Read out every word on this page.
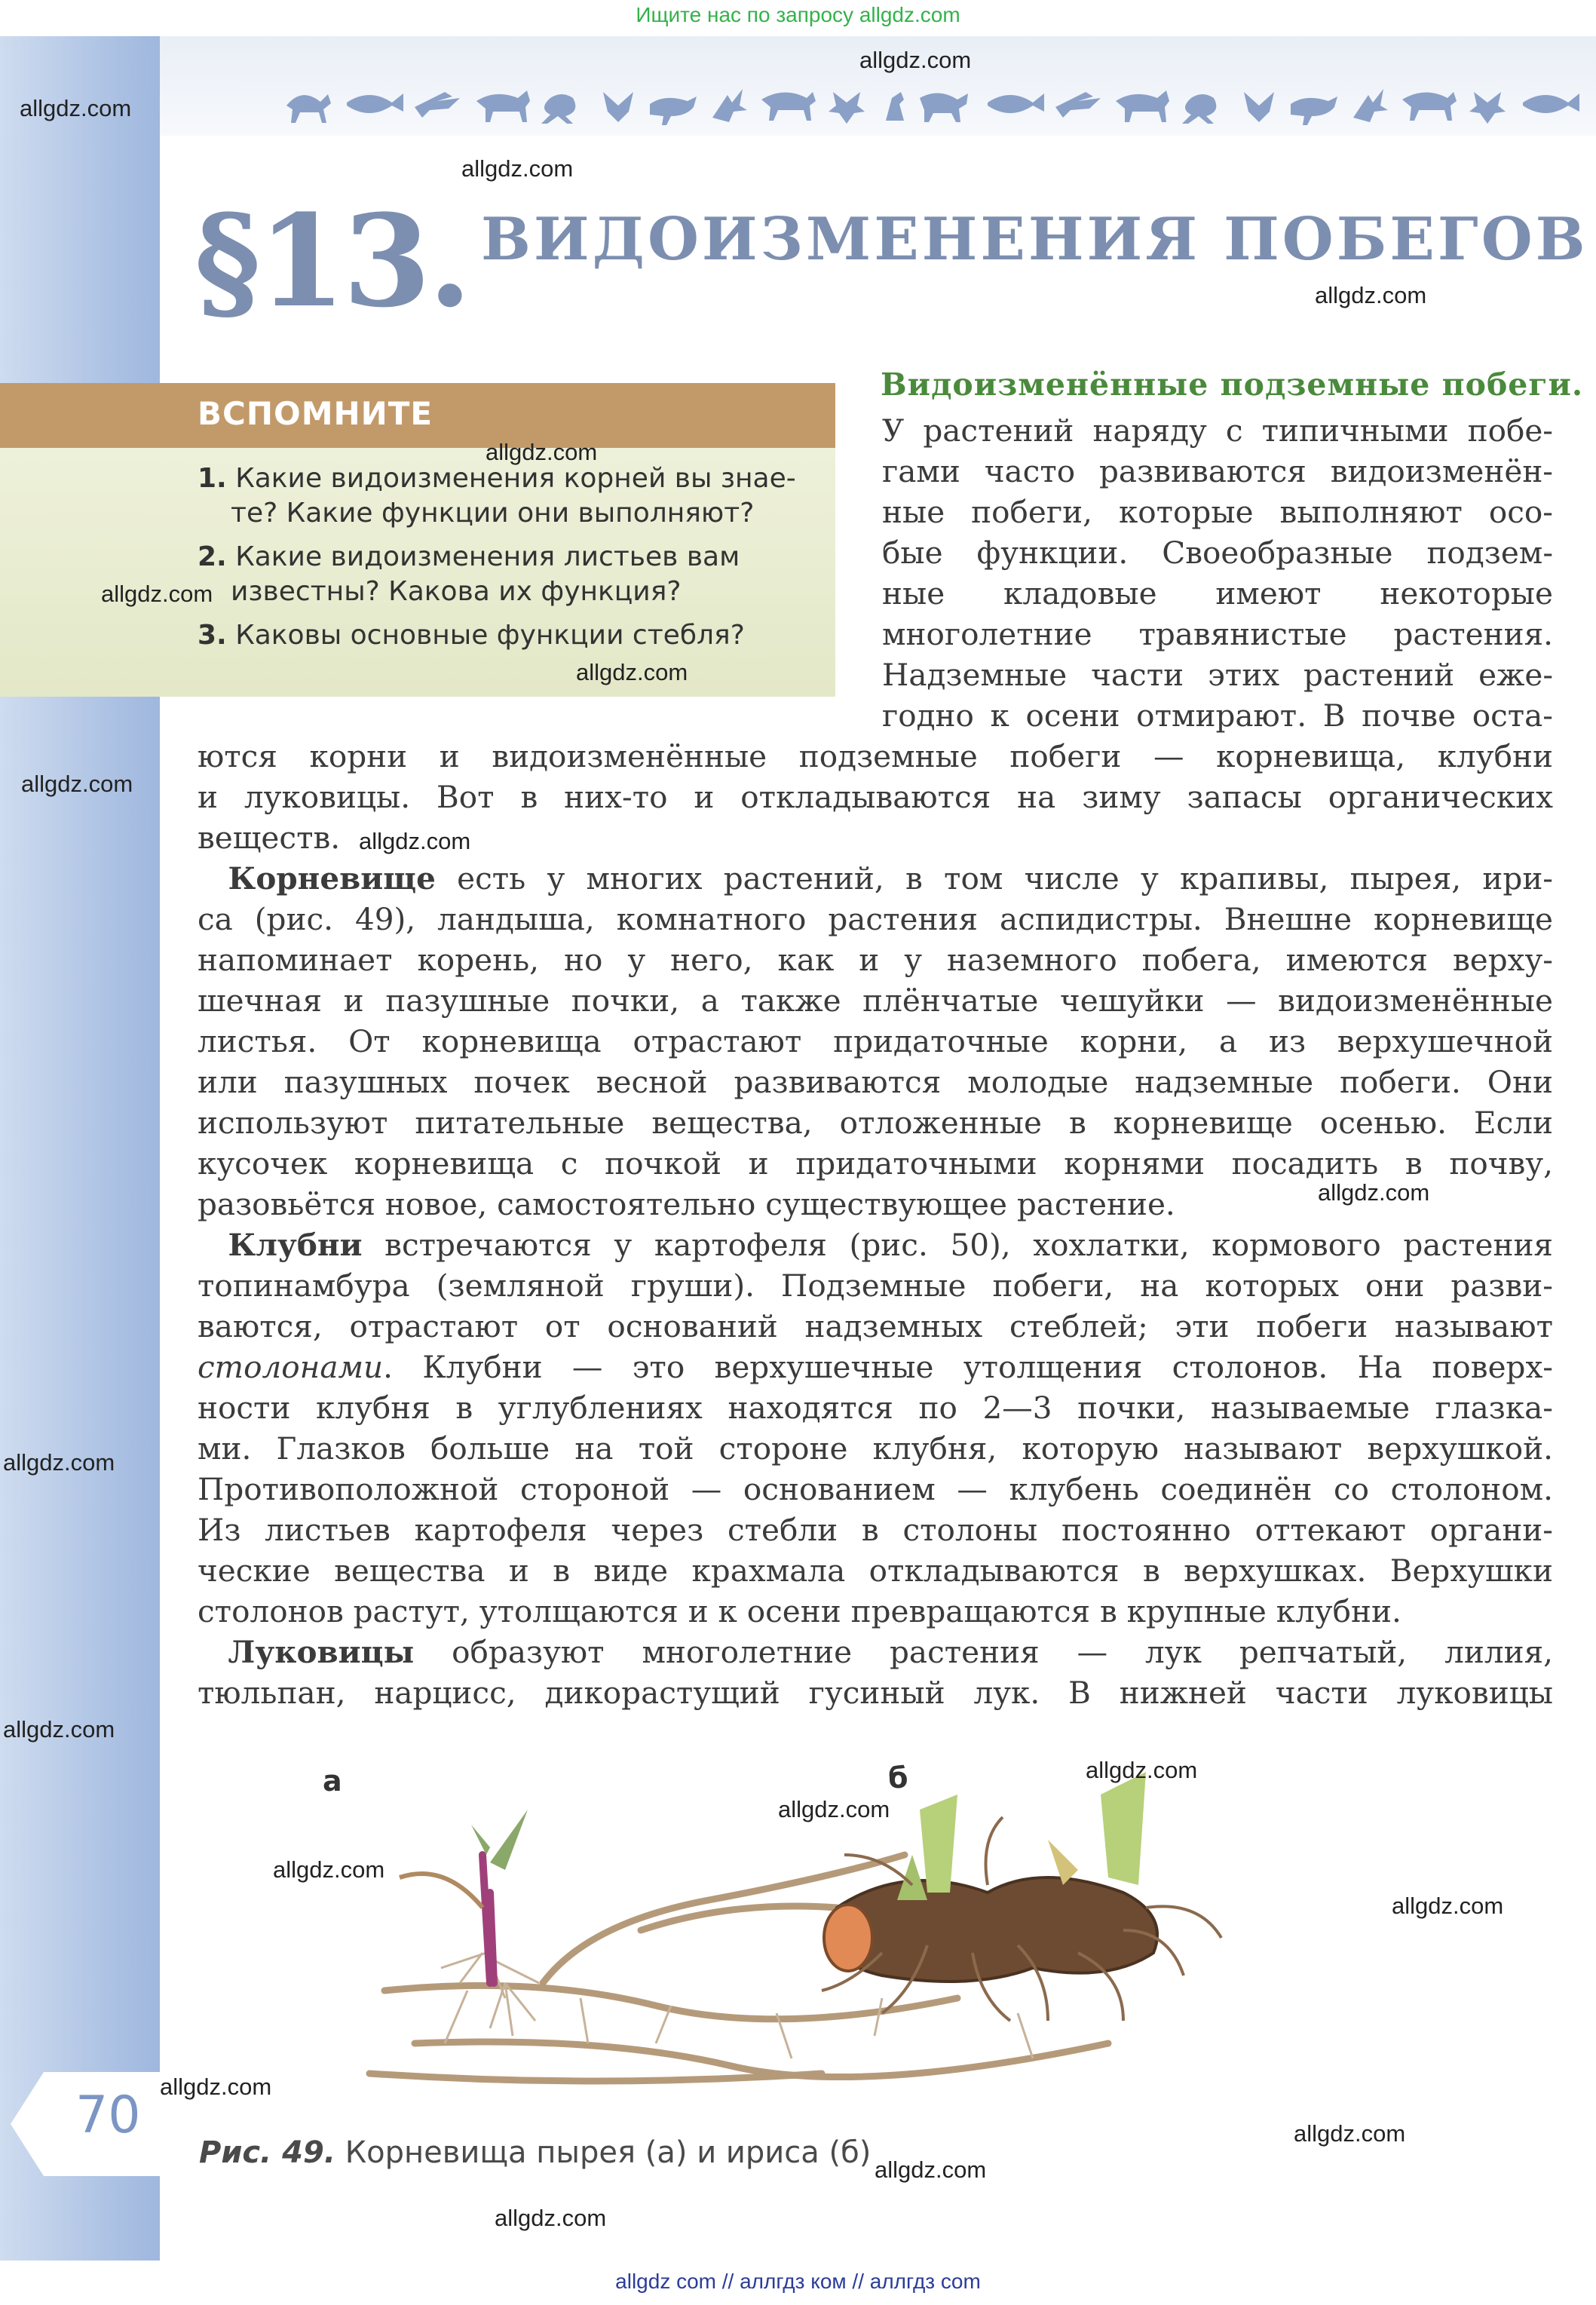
Ищите нас по запросу allgdz.com
§13. ВИДОИЗМЕНЕНИЯ ПОБЕГОВ
ВСПОМНИТЕ
1. Какие видоизменения корней вы знае-
те? Какие функции они выполняют?
2. Какие видоизменения листьев вам
известны? Какова их функция?
3. Каковы основные функции стебля?
Видоизменённые подземные побеги.
У растений наряду с типичными побе-
гами часто развиваются видоизменён-
ные побеги, которые выполняют осо-
бые функции. Своеобразные подзем-
ные кладовые имеют некоторые
многолетние травянистые растения.
Надземные части этих растений еже-
годно к осени отмирают. В почве оста-
ются корни и видоизменённые подземные побеги — корневища, клубни
и луковицы. Вот в них-то и откладываются на зиму запасы органических
веществ.
 Корневище есть у многих растений, в том числе у крапивы, пырея, ири-
са (рис. 49), ландыша, комнатного растения аспидистры. Внешне корневище
напоминает корень, но у него, как и у наземного побега, имеются верху-
шечная и пазушные почки, а также плёнчатые чешуйки — видоизменённые
листья. От корневища отрастают придаточные корни, а из верхушечной
или пазушных почек весной развиваются молодые надземные побеги. Они
используют питательные вещества, отложенные в корневище осенью. Если
кусочек корневища с почкой и придаточными корнями посадить в почву,
разовьётся новое, самостоятельно существующее растение.
 Клубни встречаются у картофеля (рис. 50), хохлатки, кормового растения
топинамбура (земляной груши). Подземные побеги, на которых они разви-
ваются, отрастают от оснований надземных стеблей; эти побеги называют
столонами. Клубни — это верхушечные утолщения столонов. На поверх-
ности клубня в углублениях находятся по 2—3 почки, называемые глазка-
ми. Глазков больше на той стороне клубня, которую называют верхушкой.
Противоположной стороной — основанием — клубень соединён со столоном.
Из листьев картофеля через стебли в столоны постоянно оттекают органи-
ческие вещества и в виде крахмала откладываются в верхушках. Верхушки
столонов растут, утолщаются и к осени превращаются в крупные клубни.
 Луковицы образуют многолетние растения — лук репчатый, лилия,
тюльпан, нарцисс, дикорастущий гусиный лук. В нижней части луковицы
а	б
70
Рис. 49. Корневища пырея (а) и ириса (б)
allgdz.com
allgdz.com
allgdz.com
allgdz.com
allgdz.com
allgdz.com
allgdz.com
allgdz.com
allgdz.com
allgdz.com
allgdz.com
allgdz.com
allgdz.com
allgdz.com
allgdz.com
allgdz.com
allgdz.com
allgdz.com
allgdz.com
allgdz.com
allgdz com // аллгдз ком // аллгдз com
